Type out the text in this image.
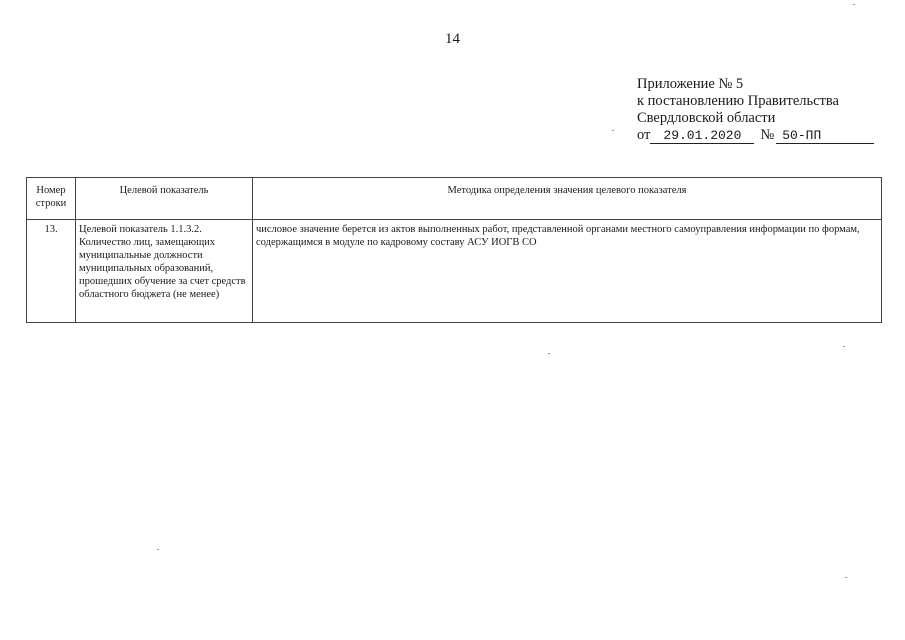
14
Приложение № 5
к постановлению Правительства
Свердловской области
от 29.01.2020	№ 50-ПП
Номер
строки	Целевой показатель	Методика определения значения целевого показателя
13.	Целевой показатель 1.1.3.2. Количество лиц, замещающих муниципальные должности муниципальных образований, прошедших обучение за счет средств областного бюджета (не менее)	числовое значение берется из актов выполненных работ, представленной органами местного самоуправления информации по формам, содержащимся в модуле по кадровому составу АСУ ИОГВ СО
